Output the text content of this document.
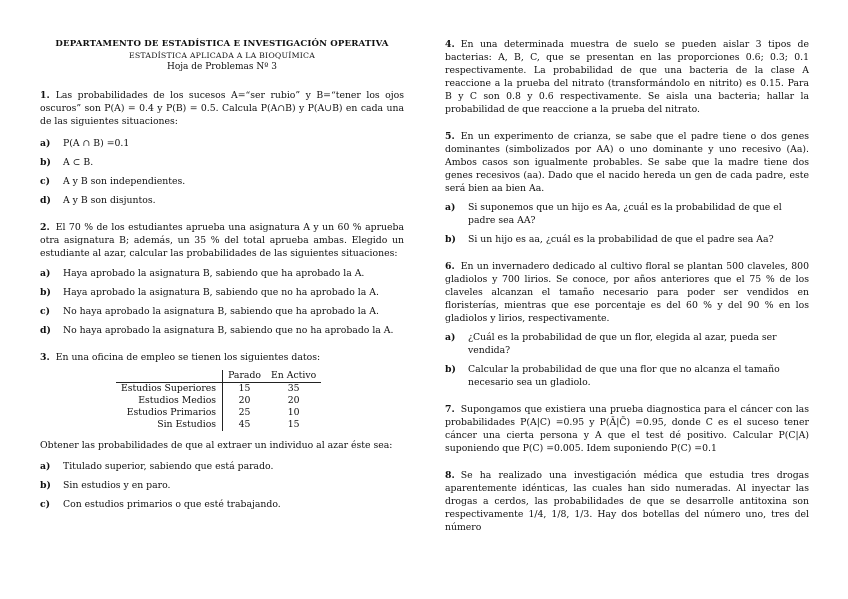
DEPARTAMENTO DE ESTADÍSTICA E INVESTIGACIÓN OPERATIVA
ESTADÍSTICA APLICADA A LA BIOQUÍMICA
Hoja de Problemas Nº 3

1. Las probabilidades de los sucesos A=“ser rubio” y B=“tener los ojos oscuros” son P(A) = 0.4 y P(B) = 0.5. Calcula P(A∩B) y P(A∪B) en cada una de las siguientes situaciones:

a) P(A ∩ B) =0.1
b) A ⊂ B.
c) A y B son independientes.
d) A y B son disjuntos.

2. El 70 % de los estudiantes aprueba una asignatura A y un 60 % aprueba otra asignatura B; además, un 35 % del total aprueba ambas. Elegido un estudiante al azar, calcular las probabilidades de las siguientes situaciones:

a) Haya aprobado la asignatura B, sabiendo que ha aprobado la A.
b) Haya aprobado la asignatura B, sabiendo que no ha aprobado la A.
c) No haya aprobado la asignatura B, sabiendo que ha aprobado la A.
d) No haya aprobado la asignatura B, sabiendo que no ha aprobado la A.

3. En una oficina de empleo se tienen los siguientes datos:

	Parado	En Activo
Estudios Superiores	15	35
Estudios Medios	20	20
Estudios Primarios	25	10
Sin Estudios	45	15

Obtener las probabilidades de que al extraer un individuo al azar éste sea:

a) Titulado superior, sabiendo que está parado.
b) Sin estudios y en paro.
c) Con estudios primarios o que esté trabajando.

4. En una determinada muestra de suelo se pueden aislar 3 tipos de bacterias: A, B, C, que se presentan en las proporciones 0.6; 0.3; 0.1 respectivamente. La probabilidad de que una bacteria de la clase A reaccione a la prueba del nitrato (transformándolo en nitrito) es 0.15. Para B y C son 0.8 y 0.6 respectivamente. Se aisla una bacteria; hallar la probabilidad de que reaccione a la prueba del nitrato.

5. En un experimento de crianza, se sabe que el padre tiene o dos genes dominantes (simbolizados por AA) o uno dominante y uno recesivo (Aa). Ambos casos son igualmente probables. Se sabe que la madre tiene dos genes recesivos (aa). Dado que el nacido hereda un gen de cada padre, este será bien aa bien Aa.

a) Si suponemos que un hijo es Aa, ¿cuál es la probabilidad de que el padre sea AA?
b) Si un hijo es aa, ¿cuál es la probabilidad de que el padre sea Aa?

6. En un invernadero dedicado al cultivo floral se plantan 500 claveles, 800 gladiolos y 700 lirios. Se conoce, por años anteriores que el 75 % de los claveles alcanzan el tamaño necesario para poder ser vendidos en floristerías, mientras que ese porcentaje es del 60 % y del 90 % en los gladiolos y lirios, respectivamente.

a) ¿Cuál es la probabilidad de que un flor, elegida al azar, pueda ser vendida?
b) Calcular la probabilidad de que una flor que no alcanza el tamaño necesario sea un gladiolo.

7. Supongamos que existiera una prueba diagnostica para el cáncer con las probabilidades P(A|C) =0.95 y P(Ā|C̄) =0.95, donde C es el suceso tener cáncer una cierta persona y A que el test dé positivo. Calcular P(C|A) suponiendo que P(C) =0.005. Idem suponiendo P(C) =0.1

8. Se ha realizado una investigación médica que estudia tres drogas aparentemente idénticas, las cuales han sido numeradas. Al inyectar las drogas a cerdos, las probabilidades de que se desarrolle antitoxina son respectivamente 1/4, 1/8, 1/3. Hay dos botellas del número uno, tres del número
